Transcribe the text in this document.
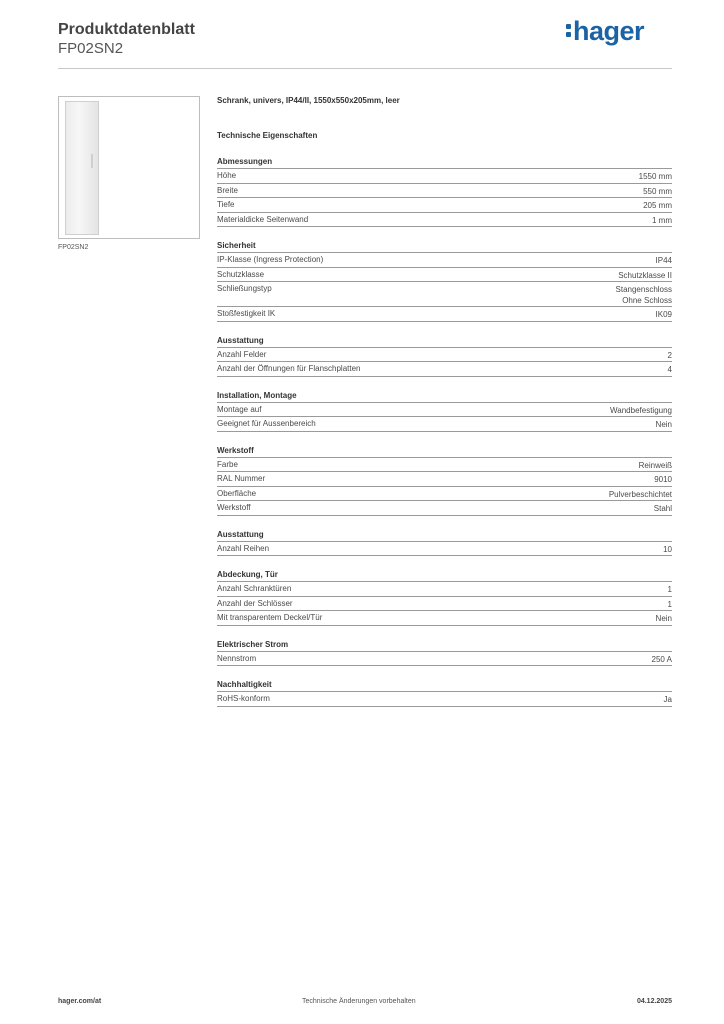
Produktdatenblatt
FP02SN2
hager
FP02SN2
Schrank, univers, IP44/II, 1550x550x205mm, leer
Technische Eigenschaften
Abmessungen
Höhe	1550 mm
Breite	550 mm
Tiefe	205 mm
Materialdicke Seitenwand	1 mm
Sicherheit
IP-Klasse (Ingress Protection)	IP44
Schutzklasse	Schutzklasse II
Schließungstyp	Stangenschloss
Ohne Schloss
Stoßfestigkeit IK	IK09
Ausstattung
Anzahl Felder	2
Anzahl der Öffnungen für Flanschplatten	4
Installation, Montage
Montage auf	Wandbefestigung
Geeignet für Aussenbereich	Nein
Werkstoff
Farbe	Reinweiß
RAL Nummer	9010
Oberfläche	Pulverbeschichtet
Werkstoff	Stahl
Ausstattung
Anzahl Reihen	10
Abdeckung, Tür
Anzahl Schranktüren	1
Anzahl der Schlösser	1
Mit transparentem Deckel/Tür	Nein
Elektrischer Strom
Nennstrom	250 A
Nachhaltigkeit
RoHS-konform	Ja
hager.com/at	Technische Änderungen vorbehalten	04.12.2025
